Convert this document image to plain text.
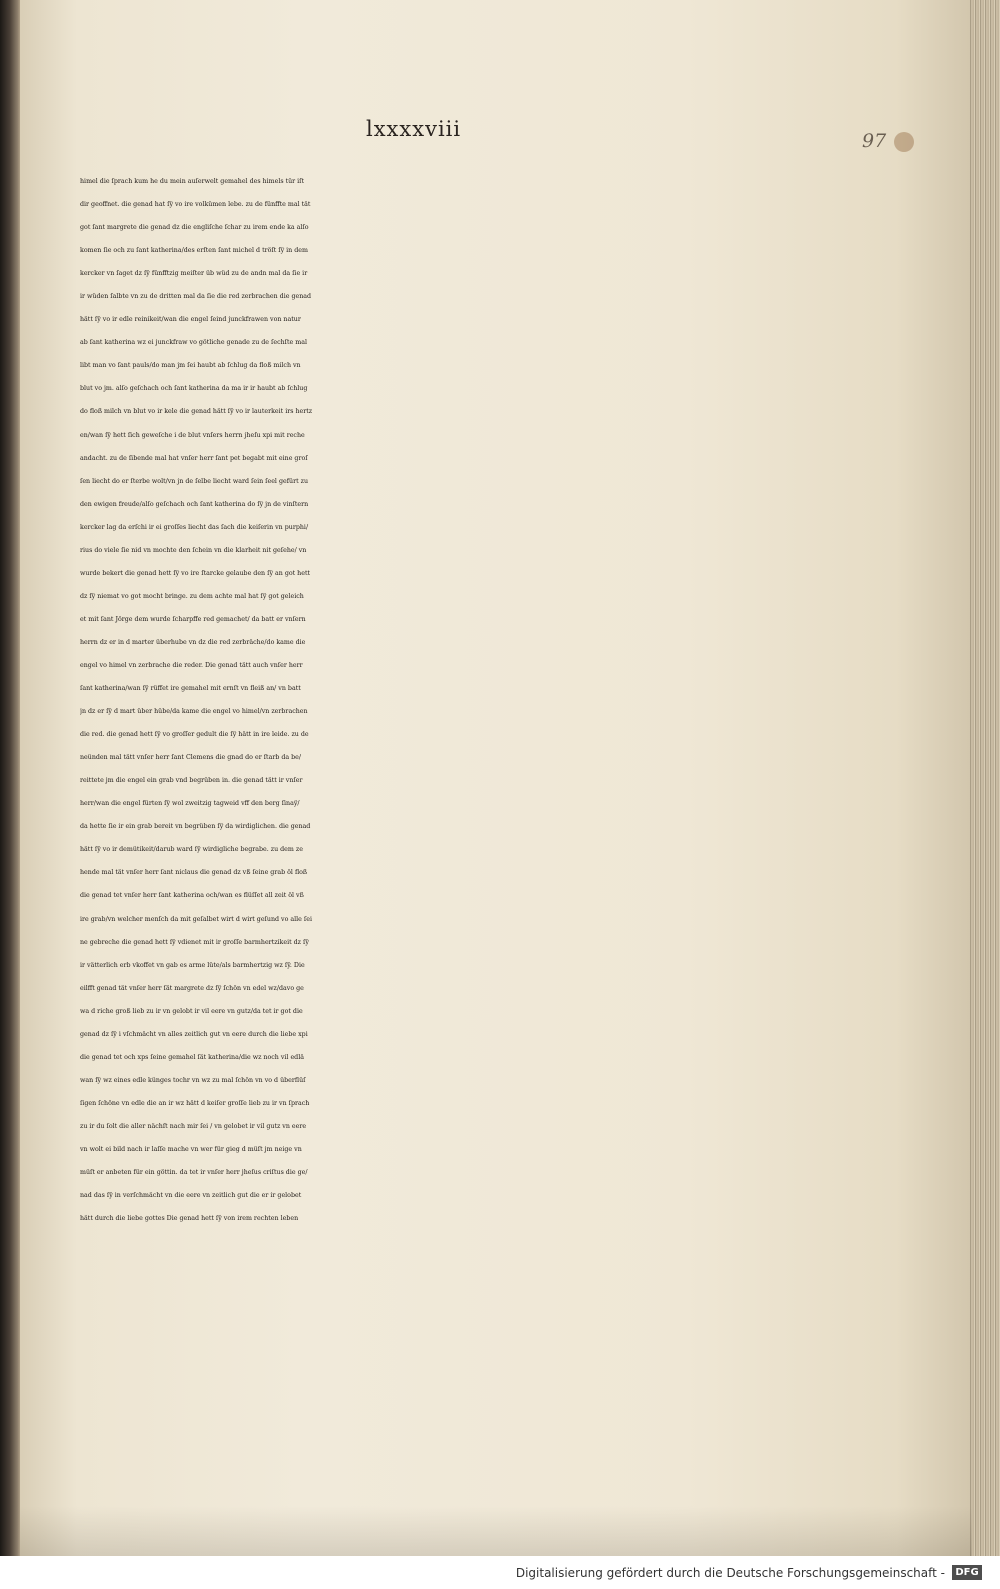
lxxxxviii	97
himel die ſprach kum he du mein auſerwelt gemahel des himels tür iſt
dir geoffnet. die genad hat ſÿ vo ire volkümen lebe. zu de fünffte mal tät
got ſant margrete die genad dz die engliſche ſchar zu irem ende ka alſo
komen ſie och zu ſant katherina/des erſten ſant michel d tröſt ſÿ in dem
kercker vn ſaget dz ſÿ fünfftzig meiſter üb wüd zu de andn mal da ſie ir
ir wüden ſalbte vn zu de dritten mal da ſie die red zerbrachen die genad
hätt ſÿ vo ir edle reinikeit/wan die engel ſeind junckfrawen von natur
ab ſant katherina wz ei junckfraw vo götliche genade zu de ſechſte mal
libt man vo ſant pauls/do man jm ſei haubt ab ſchlug da floß milch vn
blut vo jm. alſo geſchach och ſant katherina da ma ir ir haubt ab ſchlug
do floß milch vn blut vo ir kele die genad hätt ſÿ vo ir lauterkeit irs hertz
en/wan ſÿ hett ſich geweſche i de blut vnſers herrn jheſu xpi mit reche
andacht. zu de ſibende mal hat vnſer herr ſant pet begabt mit eine groſ
ſen liecht do er ſterbe wolt/vn jn de ſelbe liecht ward ſein ſeel gefürt zu
den ewigen freude/alſo geſchach och ſant katherina do ſÿ jn de vinſtern
kercker lag da erſchi ir ei groſſes liecht das ſach die keiſerin vn purphi/
rius do viele ſie nid vn mochte den ſchein vn die klarheit nit geſehe/ vn
wurde bekert die genad hett ſÿ vo ire ſtarcke gelaube den ſÿ an got hett
dz ſÿ niemat vo got mocht bringe. zu dem achte mal hat ſÿ got geleich
et mit ſant Jörge dem wurde ſcharpffe red gemachet/ da batt er vnſern
herrn dz er in d marter überhube vn dz die red zerbräche/do kame die
engel vo himel vn zerbrache die reder. Die genad tätt auch vnſer herr
ſant katherina/wan ſÿ rüffet ire gemahel mit ernſt vn fleiß an/ vn batt
jn dz er ſÿ d mart über hübe/da kame die engel vo himel/vn zerbrachen
die red. die genad hett ſÿ vo groſſer gedult die ſÿ hätt in ire leide. zu de
neünden mal tätt vnſer herr ſant Clemens die gnad do er ſtarb da be/
reittete jm die engel ein grab vnd begrüben in. die genad tätt ir vnſer
herr/wan die engel fürten ſÿ wol zweitzig tagweid vff den berg ſinaÿ/
da hette ſie ir ein grab bereit vn begrüben ſÿ da wirdiglichen. die genad
hätt ſÿ vo ir demütikeit/darub ward ſÿ wirdigliche begrabe. zu dem ze
hende mal tät vnſer herr ſant niclaus die genad dz vß ſeine grab öl floß
die genad tet vnſer herr ſant katherina och/wan es flüſſet all zeit öl vß
ire grab/vn welcher menſch da mit geſalbet wirt d wirt geſund vo alle ſei
ne gebreche die genad hett ſÿ vdienet mit ir groſſe barmhertzikeit dz ſÿ
ir vätterlich erb vkoffet vn gab es arme lüte/als barmhertzig wz ſÿ. Die
eilfft genad tät vnſer herr ſät margrete dz ſÿ ſchön vn edel wz/davo ge
wa d riche groß lieb zu ir vn gelobt ir vil eere vn gutz/da tet ir got die
genad dz ſÿ i vſchmächt vn alles zeitlich gut vn eere durch die liebe xpi
die genad tet och xps ſeine gemahel ſät katherina/die wz noch vil edlä
wan ſÿ wz eines edle künges tochr vn wz zu mal ſchön vn vo d überflüſ
ſigen ſchöne vn edle die an ir wz hätt d keiſer groſſe lieb zu ir vn ſprach
zu ir du ſolt die aller nächſt nach mir ſei / vn gelobet ir vil gutz vn eere
vn wolt ei bild nach ir laſſe mache vn wer für gieg d müſt jm neige vn
müſt er anbeten für ein göttin. da tet ir vnſer herr jheſus criſtus die ge/
nad das ſÿ in verſchmächt vn die eere vn zeitlich gut die er ir gelobet
hätt durch die liebe gottes Die genad hett ſÿ von irem rechten leben
Digitalisierung gefördert durch die Deutsche Forschungsgemeinschaft -	DFG
